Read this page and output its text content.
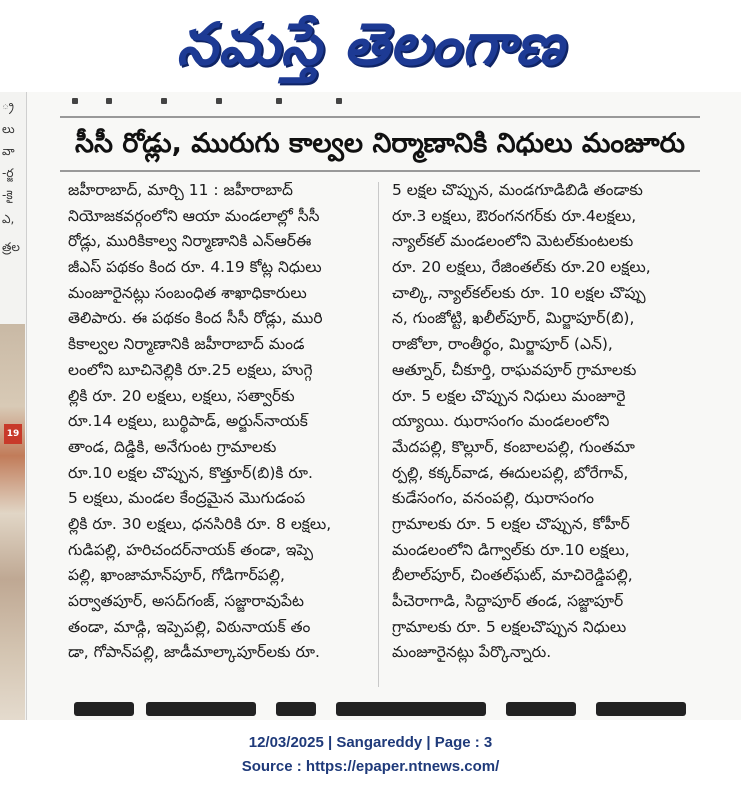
నమస్తే తెలంగాణ
్ర
లు
వా
-ర్జ
-కై
ఎ,
త్రల
19
సీసీ రోడ్లు, మురుగు కాల్వల నిర్మాణానికి నిధులు మంజూరు
జహీరాబాద్, మార్చి 11 : జహీరాబాద్
నియోజకవర్గంలోని ఆయా మండలాల్లో సీసీ
రోడ్లు, మురికికాల్వ నిర్మాణానికి ఎన్ఆర్ఈ
జీఎస్ పథకం కింద రూ. 4.19 కోట్ల నిధులు
మంజూరైనట్లు సంబంధిత శాఖాధికారులు
తెలిపారు. ఈ పథకం కింద సీసీ రోడ్లు, మురి
కికాల్వల నిర్మాణానికి జహీరాబాద్ మండ
లంలోని బూచినెల్లికి రూ.25 లక్షలు, హుగ్గె
ల్లికి రూ. 20 లక్షలు, లక్షలు, సత్వార్‌కు
రూ.14 లక్షలు, బుర్థిపాడ్, అర్జున్‌నాయక్
తాండ, దిడ్డికి, అనేగుంట గ్రామాలకు
రూ.10 లక్షల చొప్పున, కొత్తూర్(బి)కి రూ.
5 లక్షలు, మండల కేంద్రమైన మొగుడంప
ల్లికి రూ. 30 లక్షలు, ధనసిరికి రూ. 8 లక్షలు,
గుడిపల్లి, హరిచందర్‌నాయక్ తండా, ఇప్పె
పల్లి, ఖాంజామాన్‌పూర్, గోడిగార్‌పల్లి,
పర్వాతపూర్, అసద్‌గంజ్, సజ్జారావుపేట
తండా, మాడ్గి, ఇప్పెపల్లి, విఠునాయక్ తం
డా, గోపాన్‌పల్లి, జాడీమాల్కాపూర్‌లకు రూ.
5 లక్షల చొప్పున, మండగూడిబిడి తండాకు
రూ.3 లక్షలు, ఔరంగనగర్‌కు రూ.4లక్షలు,
న్యాల్‌కల్ మండలంలోని మెటల్‌కుంటలకు
రూ. 20 లక్షలు, రేజింతల్‌కు రూ.20 లక్షలు,
చాల్కి, న్యాల్‌కల్‌లకు రూ. 10 లక్షల చొప్పు
న, గుంజోట్టి, ఖలీల్‌పూర్, మిర్జాపూర్(బి),
రాజోలా, రాంతీర్థం, మిర్జాపూర్ (ఎన్),
ఆత్నూర్, చీకూర్తి, రాఘవపూర్ గ్రామాలకు
రూ. 5 లక్షల చొప్పున నిధులు మంజూరై
య్యాయి. ఝరాసంగం మండలంలోని
మేదపల్లి, కొల్లూర్, కంబాలపల్లి, గుంతమా
ర్పల్లి, కక్కర్‌వాడ, ఈదులపల్లి, బోరేగావ్,
కుడేసంగం, వనంపల్లి, ఝరాసంగం
గ్రామాలకు రూ. 5 లక్షల చొప్పున, కోహీర్
మండలంలోని డిగ్వాల్‌కు రూ.10 లక్షలు,
బీలాల్‌పూర్, చింతల్‌ఘట్, మాచిరెడ్డిపల్లి,
పీచెరాగాడి, సిద్దాపూర్ తండ, సజ్జాపూర్
గ్రామాలకు రూ. 5 లక్షలచొప్పున నిధులు
మంజూరైనట్లు పేర్కొన్నారు.
12/03/2025 | Sangareddy | Page : 3
Source : https://epaper.ntnews.com/
